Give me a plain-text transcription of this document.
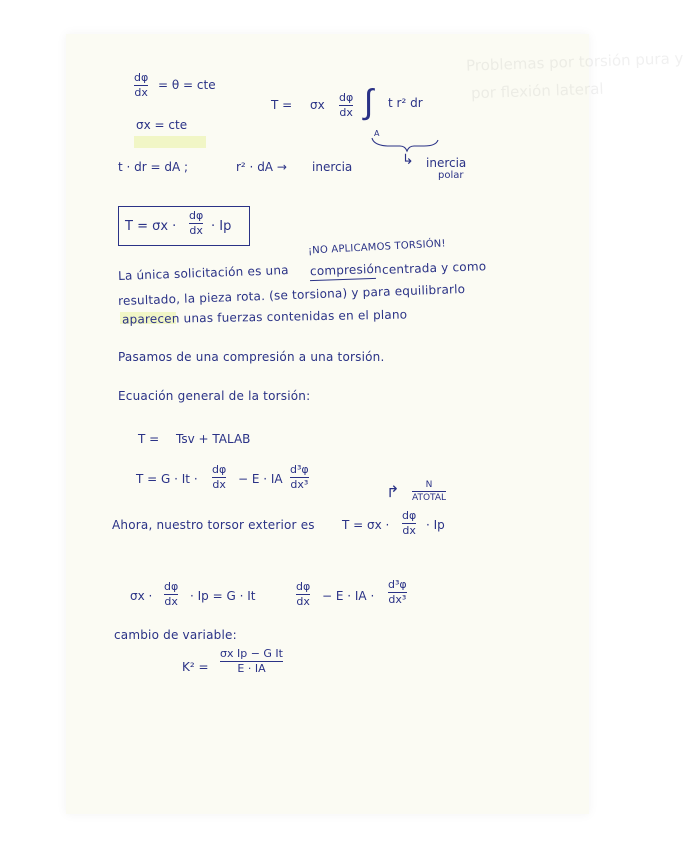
Problemas por torsión pura y
por flexión lateral
dφ
dx
= θ = cte
σx = cte
T = σx
dφ
dx ∫ t r² dr
A
↳ inercia
polar
t · dr = dA ;	r² · dA → inercia
T = σx ·
dφ
dx · Ip
¡NO APLICAMOS TORSIÓN!
La única solicitación es una compresión centrada y como
resultado, la pieza rota. (se torsiona) y para equilibrarlo
aparecen unas fuerzas contenidas en el plano
Pasamos de una compresión a una torsión.
Ecuación general de la torsión:
T = Tsv + TALAB
T = G · It ·
dφ
dx − E · IA
d³φ
dx³	↱	N
ATOTAL
Ahora, nuestro torsor exterior es T = σx ·
dφ
dx · Ip
σx ·
dφ
dx · Ip = G · It
dφ
dx − E · IA ·
d³φ
dx³
cambio de variable:
K² =
σx Ip − G It
E · IA
